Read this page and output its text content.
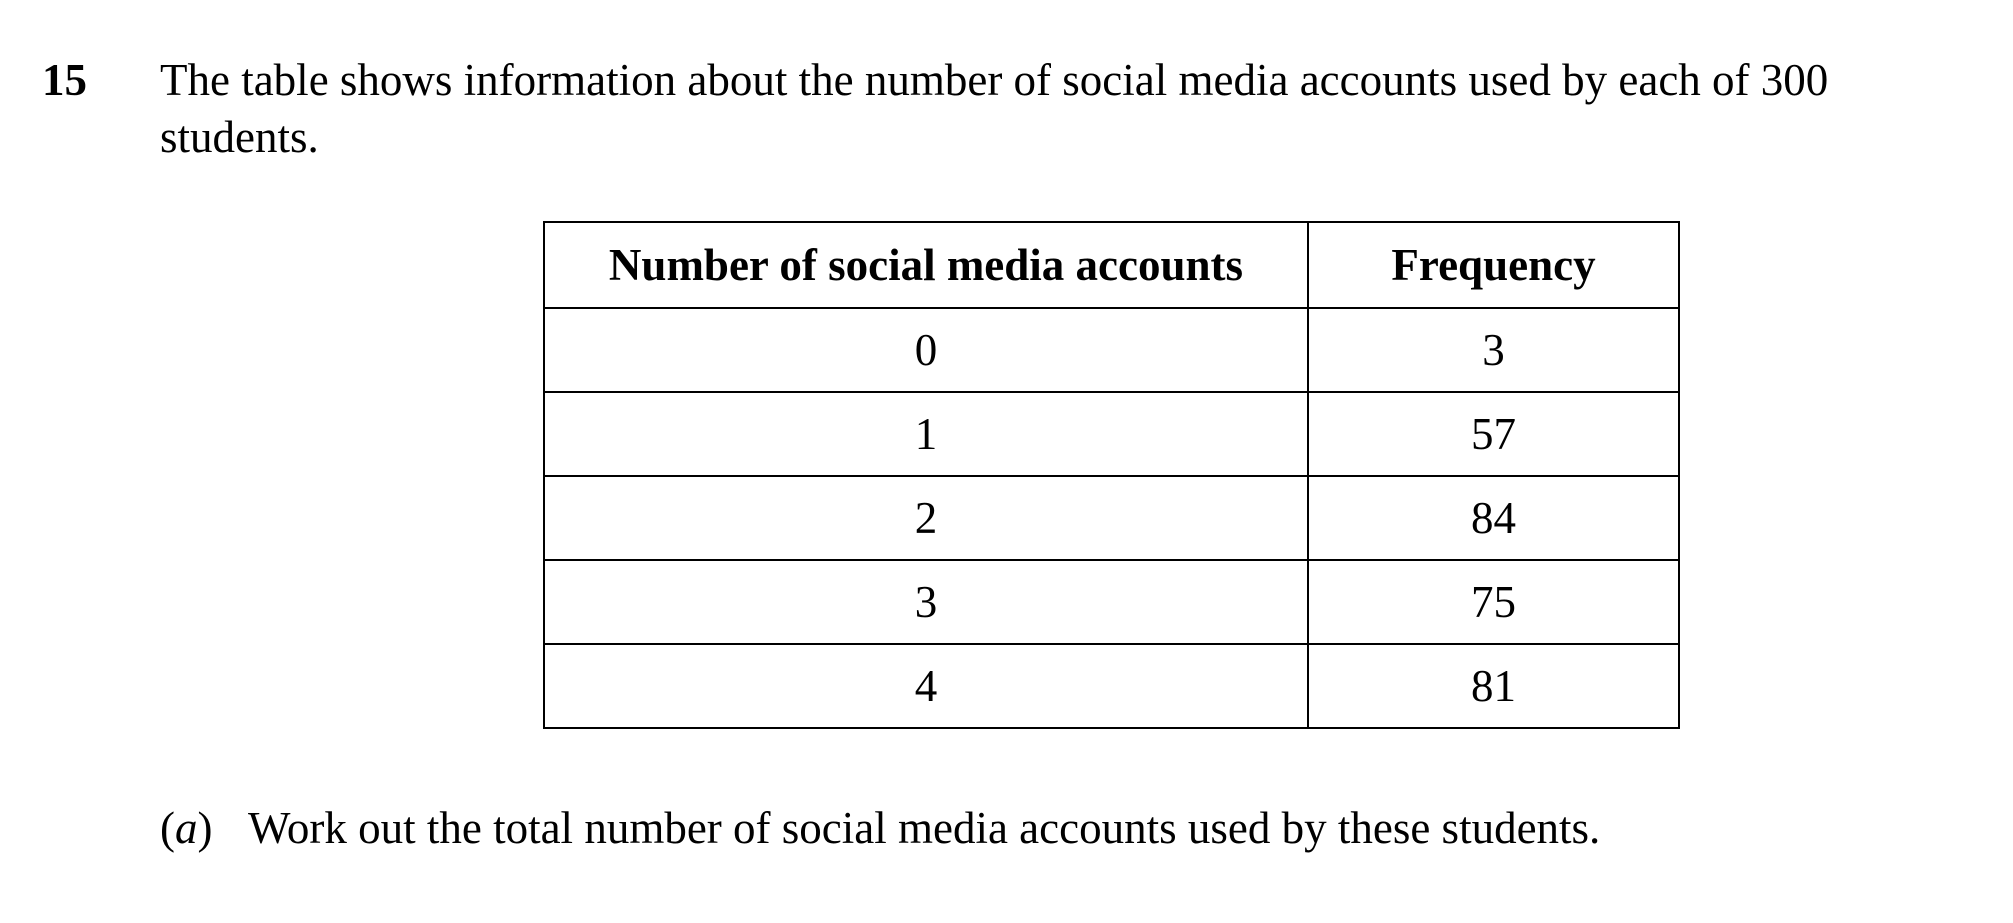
15 The table shows information about the number of social media accounts used by each of 300 students.
Number of social media accounts	Frequency
0	3
1	57
2	84
3	75
4	81
(a) Work out the total number of social media accounts used by these students.
